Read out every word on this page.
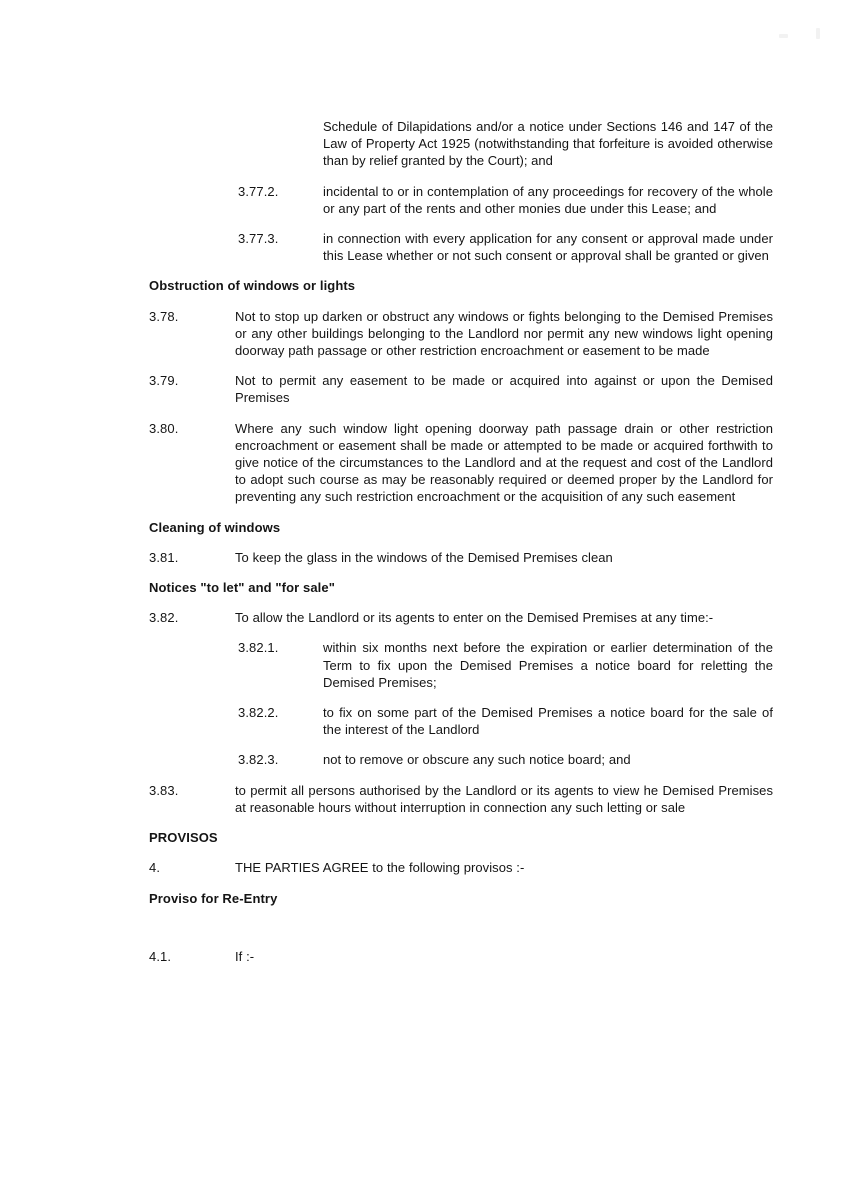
Schedule of Dilapidations and/or a notice under Sections 146 and 147 of the Law of Property Act 1925 (notwithstanding that forfeiture is avoided otherwise than by relief granted by the Court); and
3.77.2.	incidental to or in contemplation of any proceedings for recovery of the whole or any part of the rents and other monies due under this Lease; and
3.77.3.	in connection with every application for any consent or approval made under this Lease whether or not such consent or approval shall be granted or given
Obstruction of windows or lights
3.78.	Not to stop up darken or obstruct any windows or fights belonging to the Demised Premises or any other buildings belonging to the Landlord nor permit any new windows light opening doorway path passage or other restriction encroachment or easement to be made
3.79.	Not to permit any easement to be made or acquired into against or upon the Demised Premises
3.80.	Where any such window light opening doorway path passage drain or other restriction encroachment or easement shall be made or attempted to be made or acquired forthwith to give notice of the circumstances to the Landlord and at the request and cost of the Landlord to adopt such course as may be reasonably required or deemed proper by the Landlord for preventing any such restriction encroachment or the acquisition of any such easement
Cleaning of windows
3.81.	To keep the glass in the windows of the Demised Premises clean
Notices "to let" and "for sale"
3.82.	To allow the Landlord or its agents to enter on the Demised Premises at any time:-
3.82.1.	within six months next before the expiration or earlier determination of the Term to fix upon the Demised Premises a notice board for reletting the Demised Premises;
3.82.2.	to fix on some part of the Demised Premises a notice board for the sale of the interest of the Landlord
3.82.3.	not to remove or obscure any such notice board; and
3.83.	to permit all persons authorised by the Landlord or its agents to view he Demised Premises at reasonable hours without interruption in connection any such letting or sale
PROVISOS
4.	THE PARTIES AGREE to the following provisos :-
Proviso for Re-Entry
4.1.	If :-
